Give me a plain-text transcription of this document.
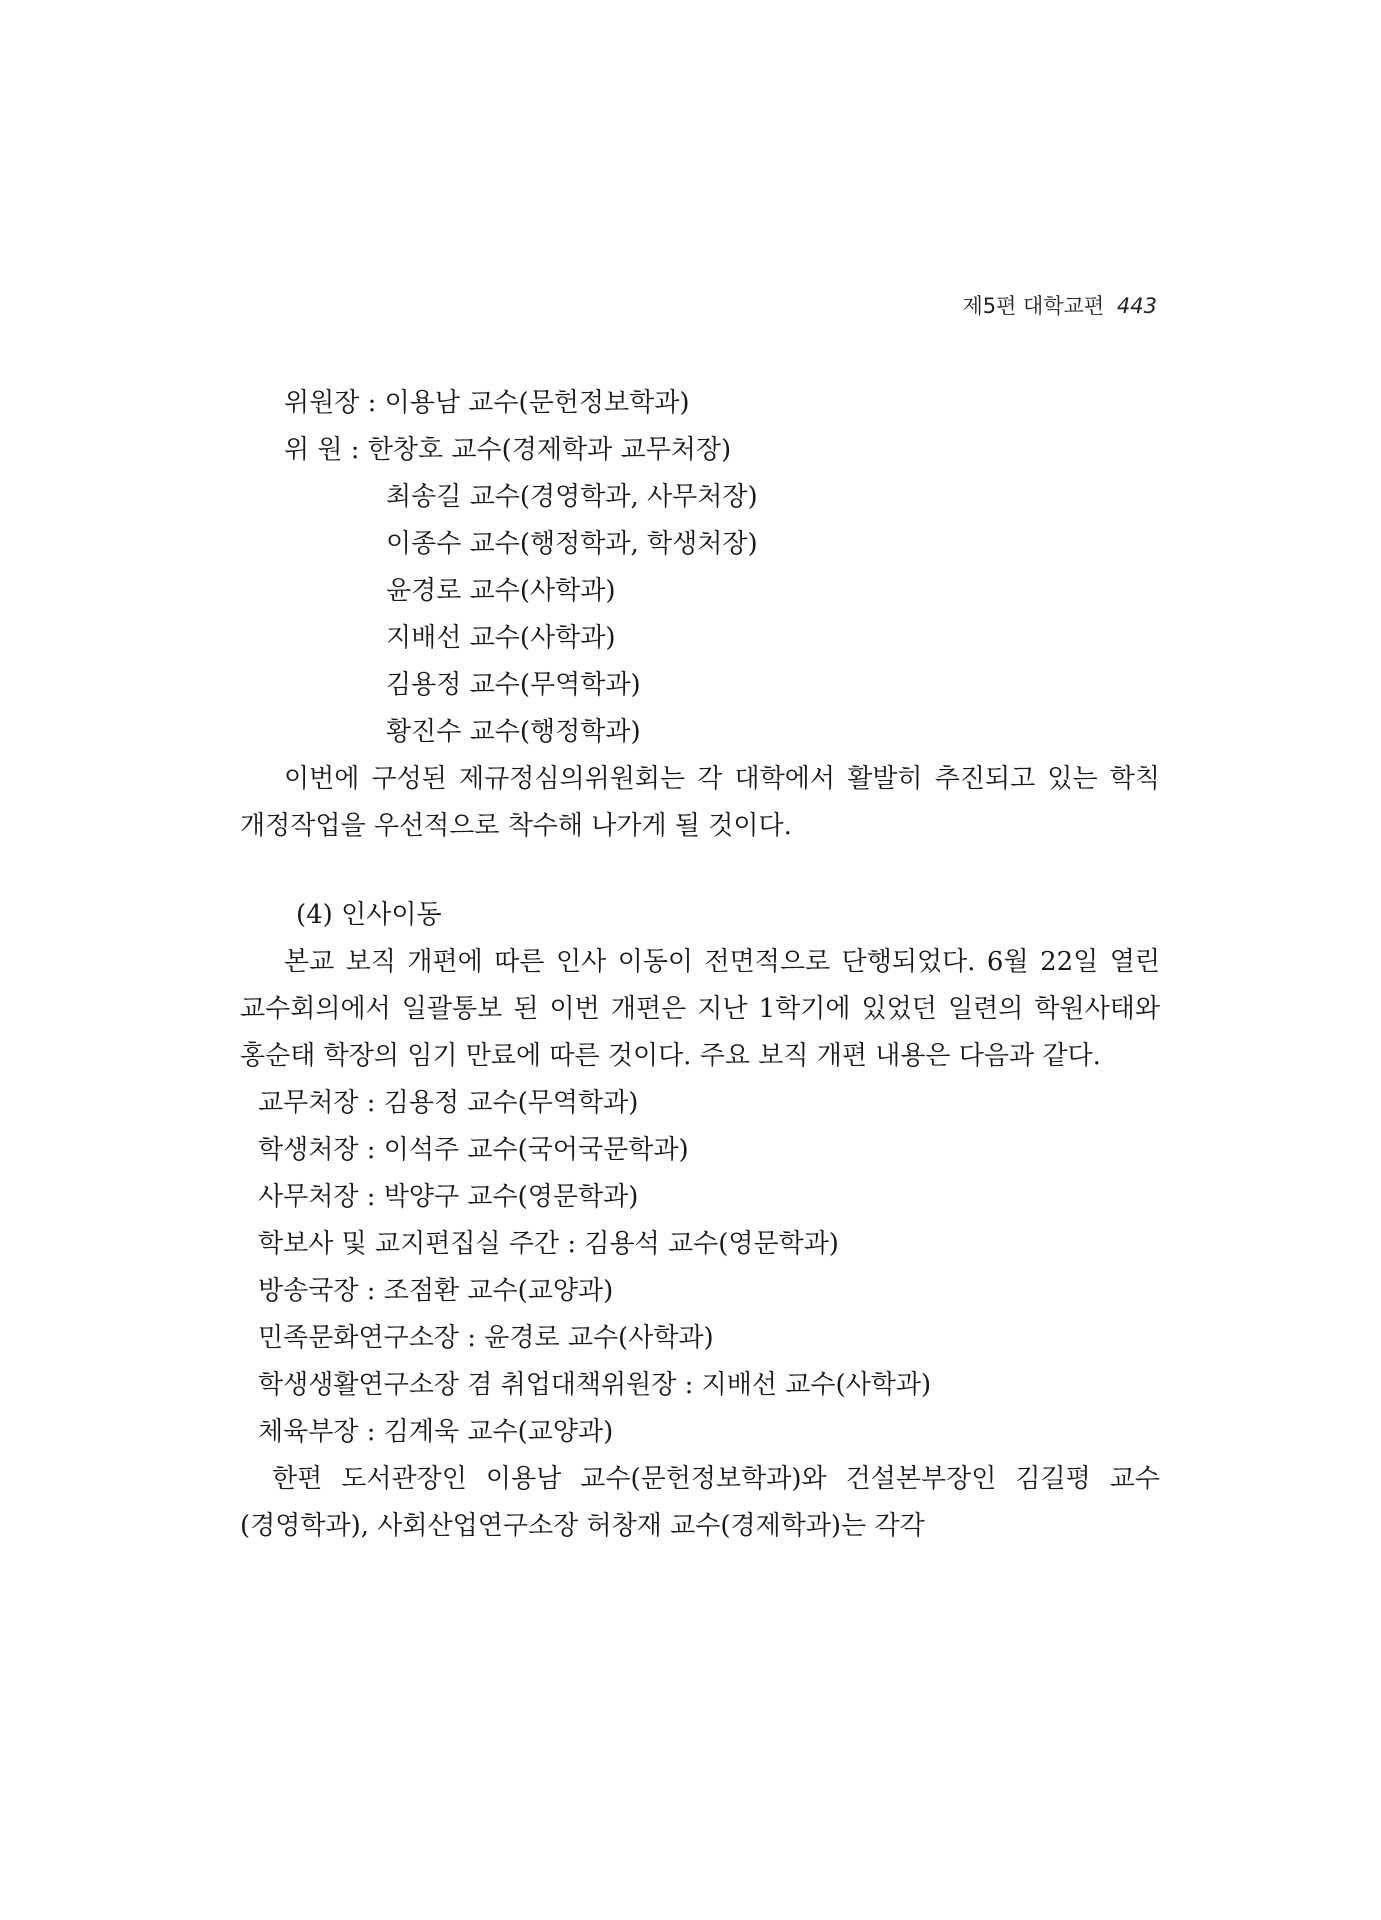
제5편 대학교편 443
위원장 : 이용남 교수(문헌정보학과)
위 원 : 한창호 교수(경제학과 교무처장)
최송길 교수(경영학과, 사무처장)
이종수 교수(행정학과, 학생처장)
윤경로 교수(사학과)
지배선 교수(사학과)
김용정 교수(무역학과)
황진수 교수(행정학과)
이번에 구성된 제규정심의위원회는 각 대학에서 활발히 추진되고 있는 학칙 개정작업을 우선적으로 착수해 나가게 될 것이다.
(4) 인사이동
본교 보직 개편에 따른 인사 이동이 전면적으로 단행되었다. 6월 22일 열린 교수회의에서 일괄통보 된 이번 개편은 지난 1학기에 있었던 일련의 학원사태와 홍순태 학장의 임기 만료에 따른 것이다. 주요 보직 개편 내용은 다음과 같다.
교무처장 : 김용정 교수(무역학과)
학생처장 : 이석주 교수(국어국문학과)
사무처장 : 박양구 교수(영문학과)
학보사 및 교지편집실 주간 : 김용석 교수(영문학과)
방송국장 : 조점환 교수(교양과)
민족문화연구소장 : 윤경로 교수(사학과)
학생생활연구소장 겸 취업대책위원장 : 지배선 교수(사학과)
체육부장 : 김계욱 교수(교양과)
한편 도서관장인 이용남 교수(문헌정보학과)와 건설본부장인 김길평 교수(경영학과), 사회산업연구소장 허창재 교수(경제학과)는 각각
